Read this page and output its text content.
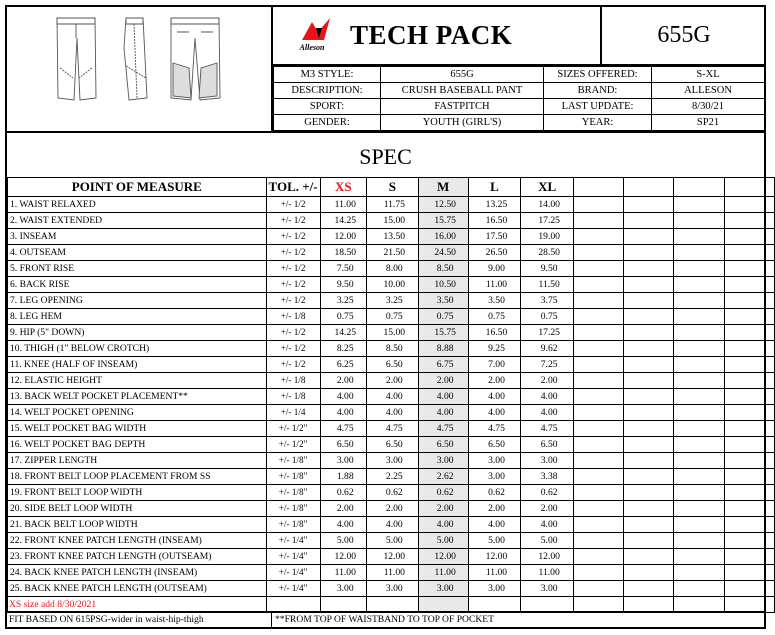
Alleson TECH PACK	655G
M3 STYLE:	655G	SIZES OFFERED:	S-XL
DESCRIPTION:	CRUSH BASEBALL PANT	BRAND:	ALLESON
SPORT:	FASTPITCH	LAST UPDATE:	8/30/21
GENDER:	YOUTH (GIRL'S)	YEAR:	SP21
SPEC
POINT OF MEASURE	TOL. +/-	XS	S	M	L	XL				
1. WAIST RELAXED	+/- 1/2	11.00	11.75	12.50	13.25	14.00				
2. WAIST EXTENDED	+/- 1/2	14.25	15.00	15.75	16.50	17.25				
3. INSEAM	+/- 1/2	12.00	13.50	16.00	17.50	19.00				
4. OUTSEAM	+/- 1/2	18.50	21.50	24.50	26.50	28.50				
5. FRONT RISE	+/- 1/2	7.50	8.00	8.50	9.00	9.50				
6. BACK RISE	+/- 1/2	9.50	10.00	10.50	11.00	11.50				
7. LEG OPENING	+/- 1/2	3.25	3.25	3.50	3.50	3.75				
8. LEG HEM	+/- 1/8	0.75	0.75	0.75	0.75	0.75				
9. HIP (5" DOWN)	+/- 1/2	14.25	15.00	15.75	16.50	17.25				
10. THIGH (1" BELOW CROTCH)	+/- 1/2	8.25	8.50	8.88	9.25	9.62				
11. KNEE (HALF OF INSEAM)	+/- 1/2	6.25	6.50	6.75	7.00	7.25				
12. ELASTIC HEIGHT	+/- 1/8	2.00	2.00	2.00	2.00	2.00				
13. BACK WELT POCKET PLACEMENT**	+/- 1/8	4.00	4.00	4.00	4.00	4.00				
14. WELT POCKET OPENING	+/- 1/4	4.00	4.00	4.00	4.00	4.00				
15. WELT POCKET BAG WIDTH	+/- 1/2"	4.75	4.75	4.75	4.75	4.75				
16. WELT POCKET BAG DEPTH	+/- 1/2"	6.50	6.50	6.50	6.50	6.50				
17. ZIPPER LENGTH	+/- 1/8"	3.00	3.00	3.00	3.00	3.00				
18. FRONT BELT LOOP PLACEMENT FROM SS	+/- 1/8"	1.88	2.25	2.62	3.00	3.38				
19. FRONT BELT LOOP WIDTH	+/- 1/8"	0.62	0.62	0.62	0.62	0.62				
20. SIDE BELT LOOP WIDTH	+/- 1/8"	2.00	2.00	2.00	2.00	2.00				
21. BACK BELT LOOP WIDTH	+/- 1/8"	4.00	4.00	4.00	4.00	4.00				
22. FRONT KNEE PATCH LENGTH (INSEAM)	+/- 1/4"	5.00	5.00	5.00	5.00	5.00				
23. FRONT KNEE PATCH LENGTH (OUTSEAM)	+/- 1/4"	12.00	12.00	12.00	12.00	12.00				
24. BACK KNEE PATCH LENGTH (INSEAM)	+/- 1/4"	11.00	11.00	11.00	11.00	11.00				
25. BACK KNEE PATCH LENGTH (OUTSEAM)	+/- 1/4"	3.00	3.00	3.00	3.00	3.00				

XS size add 8/30/2021
FIT BASED ON 615PSG-wider in waist-hip-thigh	**FROM TOP OF WAISTBAND TO TOP OF POCKET
